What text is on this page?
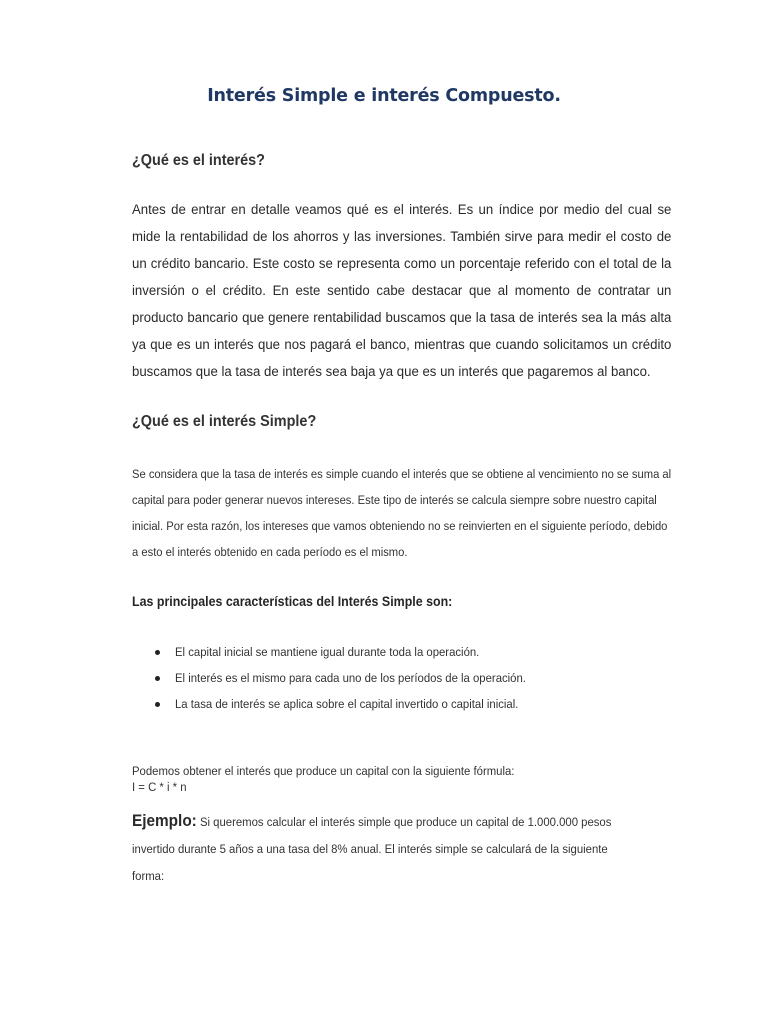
Interés Simple e interés Compuesto.
¿Qué es el interés?
Antes de entrar en detalle veamos qué es el interés. Es un índice por medio del cual se mide la rentabilidad de los ahorros y las inversiones. También sirve para medir el costo de un crédito bancario. Este costo se representa como un porcentaje referido con el total de la inversión o el crédito. En este sentido cabe destacar que al momento de contratar un producto bancario que genere rentabilidad buscamos que la tasa de interés sea la más alta ya que es un interés que nos pagará el banco, mientras que cuando solicitamos un crédito buscamos que la tasa de interés sea baja ya que es un interés que pagaremos al banco.
¿Qué es el interés Simple?
Se considera que la tasa de interés es simple cuando el interés que se obtiene al vencimiento no se suma al capital para poder generar nuevos intereses. Este tipo de interés se calcula siempre sobre nuestro capital inicial. Por esta razón, los intereses que vamos obteniendo no se reinvierten en el siguiente período, debido a esto el interés obtenido en cada período es el mismo.
Las principales características del Interés Simple son:
El capital inicial se mantiene igual durante toda la operación.
El interés es el mismo para cada uno de los períodos de la operación.
La tasa de interés se aplica sobre el capital invertido o capital inicial.
Podemos obtener el interés que produce un capital con la siguiente fórmula:
I = C * i * n
Ejemplo: Si queremos calcular el interés simple que produce un capital de 1.000.000 pesos invertido durante 5 años a una tasa del 8% anual. El interés simple se calculará de la siguiente forma:
